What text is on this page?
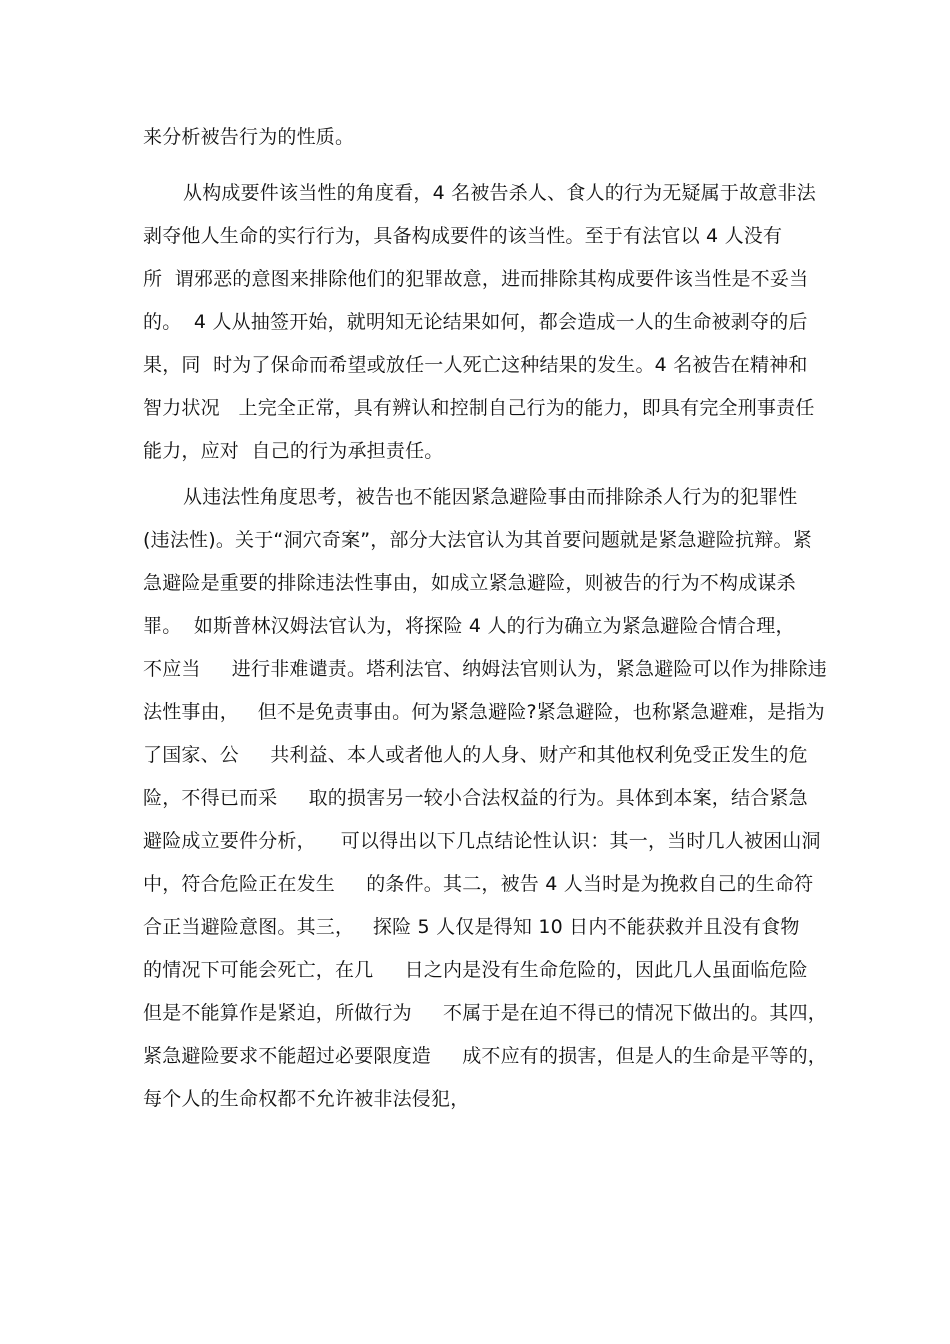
来分析被告行为的性质。
从构成要件该当性的角度看，4 名被告杀人、食人的行为无疑属于故意非法
剥夺他人生命的实行行为，具备构成要件的该当性。至于有法官以 4 人没有
所  谓邪恶的意图来排除他们的犯罪故意，进而排除其构成要件该当性是不妥当
的。  4 人从抽签开始，就明知无论结果如何，都会造成一人的生命被剥夺的后
果，同  时为了保命而希望或放任一人死亡这种结果的发生。4 名被告在精神和
智力状况   上完全正常，具有辨认和控制自己行为的能力，即具有完全刑事责任
能力，应对  自己的行为承担责任。
从违法性角度思考，被告也不能因紧急避险事由而排除杀人行为的犯罪性
(违法性)。关于“洞穴奇案”，部分大法官认为其首要问题就是紧急避险抗辩。紧
急避险是重要的排除违法性事由，如成立紧急避险，则被告的行为不构成谋杀
罪。  如斯普林汉姆法官认为，将探险 4 人的行为确立为紧急避险合情合理，
不应当     进行非难谴责。塔利法官、纳姆法官则认为，紧急避险可以作为排除违
法性事由，   但不是免责事由。何为紧急避险?紧急避险，也称紧急避难，是指为
了国家、公     共利益、本人或者他人的人身、财产和其他权利免受正发生的危
险，不得已而采     取的损害另一较小合法权益的行为。具体到本案，结合紧急
避险成立要件分析，    可以得出以下几点结论性认识：其一，当时几人被困山洞
中，符合危险正在发生     的条件。其二，被告 4 人当时是为挽救自己的生命符
合正当避险意图。其三，   探险 5 人仅是得知 10 日内不能获救并且没有食物
的情况下可能会死亡，在几     日之内是没有生命危险的，因此几人虽面临危险
但是不能算作是紧迫，所做行为     不属于是在迫不得已的情况下做出的。其四，
紧急避险要求不能超过必要限度造     成不应有的损害，但是人的生命是平等的，
每个人的生命权都不允许被非法侵犯，
